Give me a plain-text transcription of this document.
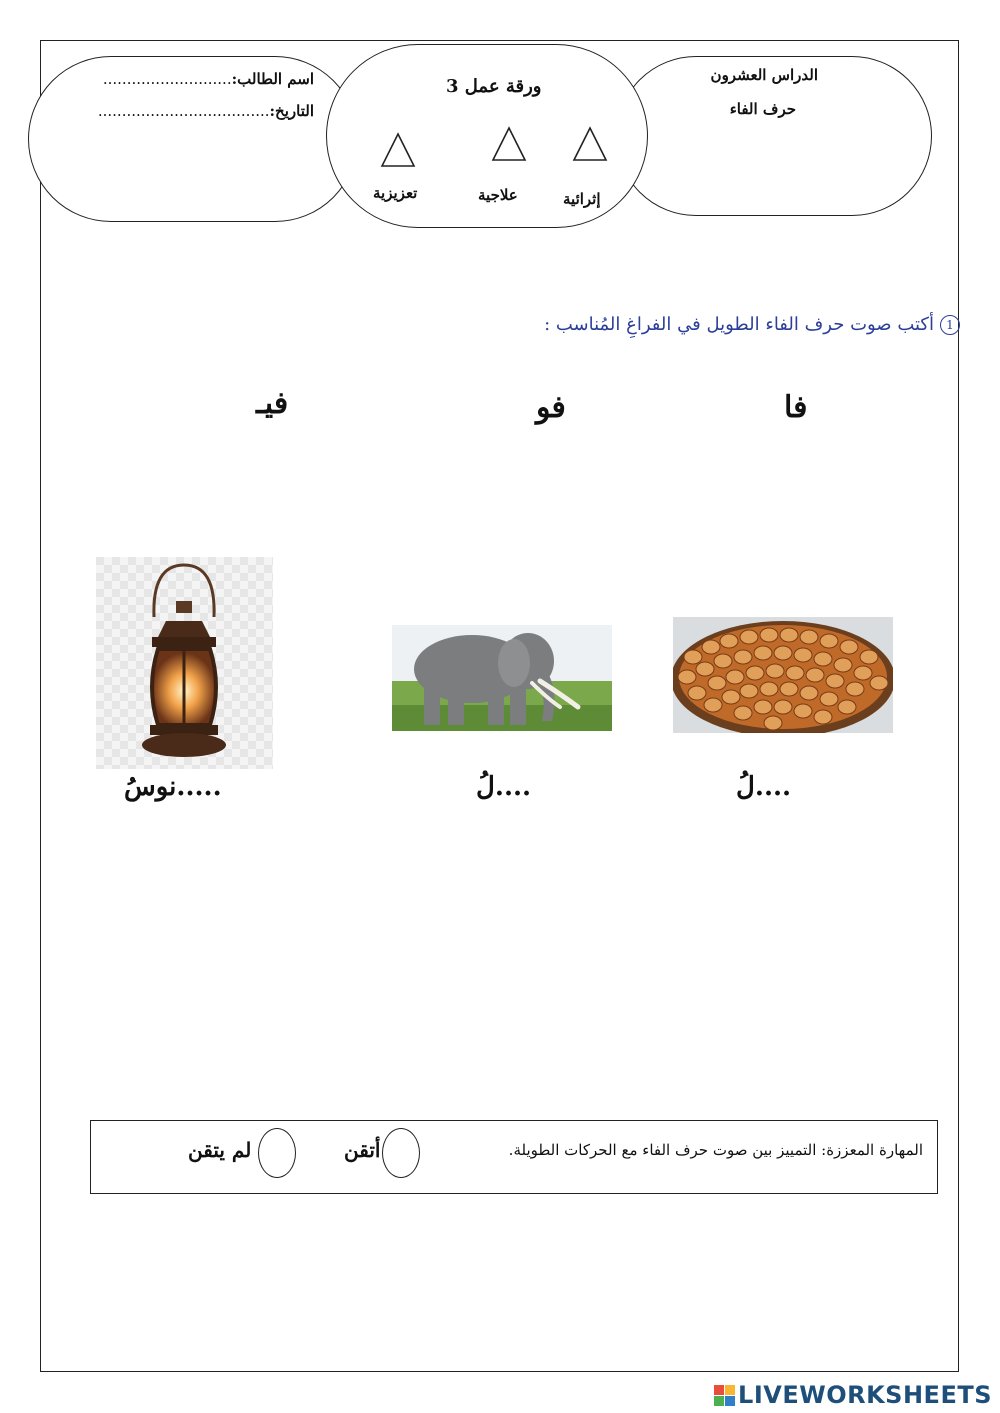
الدراس العشرون
حرف الفاء
ورقة عمل 3
إثرائية
علاجية
تعزيزية
اسم الطالب:...........................
التاريخ:....................................
1أكتب صوت حرف الفاء الطويل في الفراغِ المُناسب :
فا
فو
فيـ
....لُ
....لُ
.....نوسُ
المهارة المعززة: التمييز بين صوت حرف الفاء مع الحركات الطويلة.
أتقن
لم يتقن
LIVEWORKSHEETS
